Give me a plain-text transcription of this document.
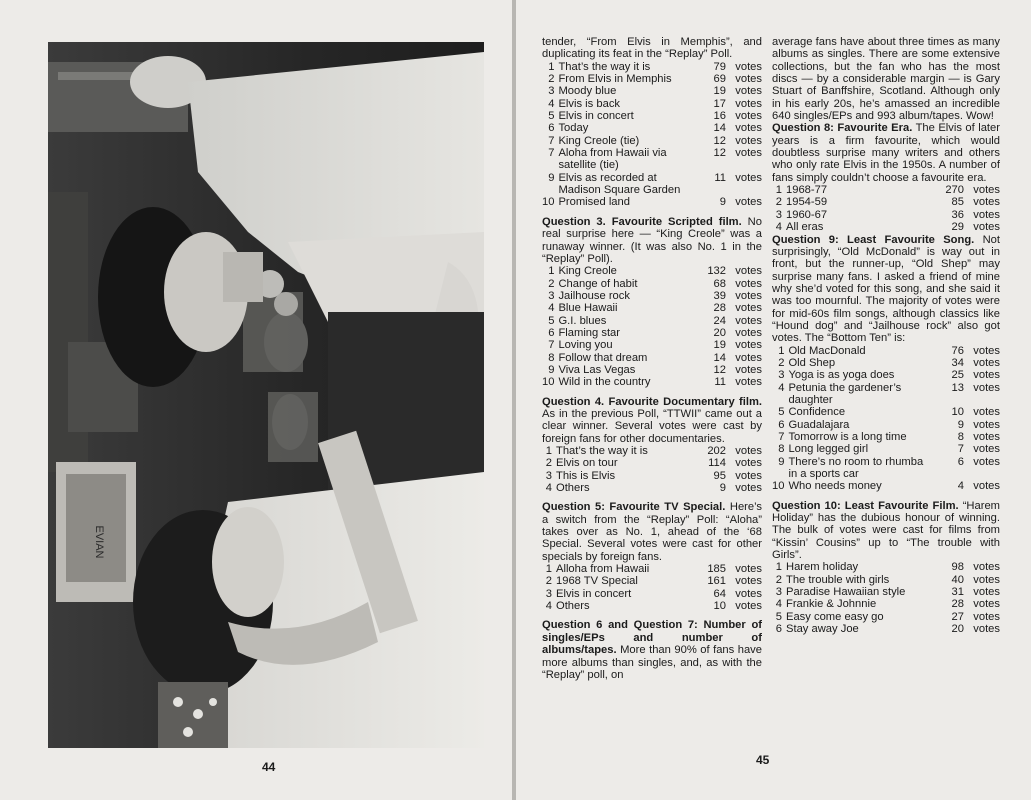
EVIAN
44

tender, “From Elvis in Memphis”, and duplicating its feat in the “Replay” Poll.

1	That’s the way it is	79 votes
2	From Elvis in Memphis	69 votes
3	Moody blue	19 votes
4	Elvis is back	17 votes
5	Elvis in concert	16 votes
6	Today	14 votes
7	King Creole (tie)	12 votes
7	Aloha from Hawaii via satellite (tie)	12 votes
9	Elvis as recorded at Madison Square Garden	11 votes
10	Promised land	9 votes

Question 3. Favourite Scripted film. No real surprise here — “King Creole” was a runaway winner. (It was also No. 1 in the “Replay” Poll).

1	King Creole	132 votes
2	Change of habit	68 votes
3	Jailhouse rock	39 votes
4	Blue Hawaii	28 votes
5	G.I. blues	24 votes
6	Flaming star	20 votes
7	Loving you	19 votes
8	Follow that dream	14 votes
9	Viva Las Vegas	12 votes
10	Wild in the country	11 votes

Question 4. Favourite Documentary film. As in the previous Poll, “TTWII” came out a clear winner. Several votes were cast by foreign fans for other documentaries.

1	That’s the way it is	202 votes
2	Elvis on tour	114 votes
3	This is Elvis	95 votes
4	Others	9 votes

Question 5: Favourite TV Special. Here’s a switch from the “Replay” Poll: “Aloha” takes over as No. 1, ahead of the ‘68 Special. Several votes were cast for other specials by foreign fans.

1	Alloha from Hawaii	185 votes
2	1968 TV Special	161 votes
3	Elvis in concert	64 votes
4	Others	10 votes

Question 6 and Question 7: Number of singles/EPs and number of albums/tapes. More than 90% of fans have more albums than singles, and, as with the “Replay” poll, on

average fans have about three times as many albums as singles. There are some extensive collections, but the fan who has the most discs — by a considerable margin — is Gary Stuart of Banffshire, Scotland. Although only in his early 20s, he’s amassed an incredible 640 singles/EPs and 993 album/tapes. Wow!

Question 8: Favourite Era. The Elvis of later years is a firm favourite, which would doubtless surprise many writers and others who only rate Elvis in the 1950s. A number of fans simply couldn’t choose a favourite era.

1	1968-77	270 votes
2	1954-59	85 votes
3	1960-67	36 votes
4	All eras	29 votes

Question 9: Least Favourite Song. Not surprisingly, “Old McDonald” is way out in front, but the runner-up, “Old Shep” may surprise many fans. I asked a friend of mine why she’d voted for this song, and she said it was too mournful. The majority of votes were for mid-60s film songs, although classics like “Hound dog” and “Jailhouse rock” also got votes. The “Bottom Ten” is:

1	Old MacDonald	76 votes
2	Old Shep	34 votes
3	Yoga is as yoga does	25 votes
4	Petunia the gardener’s daughter	13 votes
5	Confidence	10 votes
6	Guadalajara	9 votes
7	Tomorrow is a long time	8 votes
8	Long legged girl	7 votes
9	There’s no room to rhumba in a sports car	6 votes
10	Who needs money	4 votes

Question 10: Least Favourite Film. “Harem Holiday” has the dubious honour of winning. The bulk of votes were cast for films from “Kissin’ Cousins” up to “The trouble with Girls”.

1	Harem holiday	98 votes
2	The trouble with girls	40 votes
3	Paradise Hawaiian style	31 votes
4	Frankie & Johnnie	28 votes
5	Easy come easy go	27 votes
6	Stay away Joe	20 votes
45
